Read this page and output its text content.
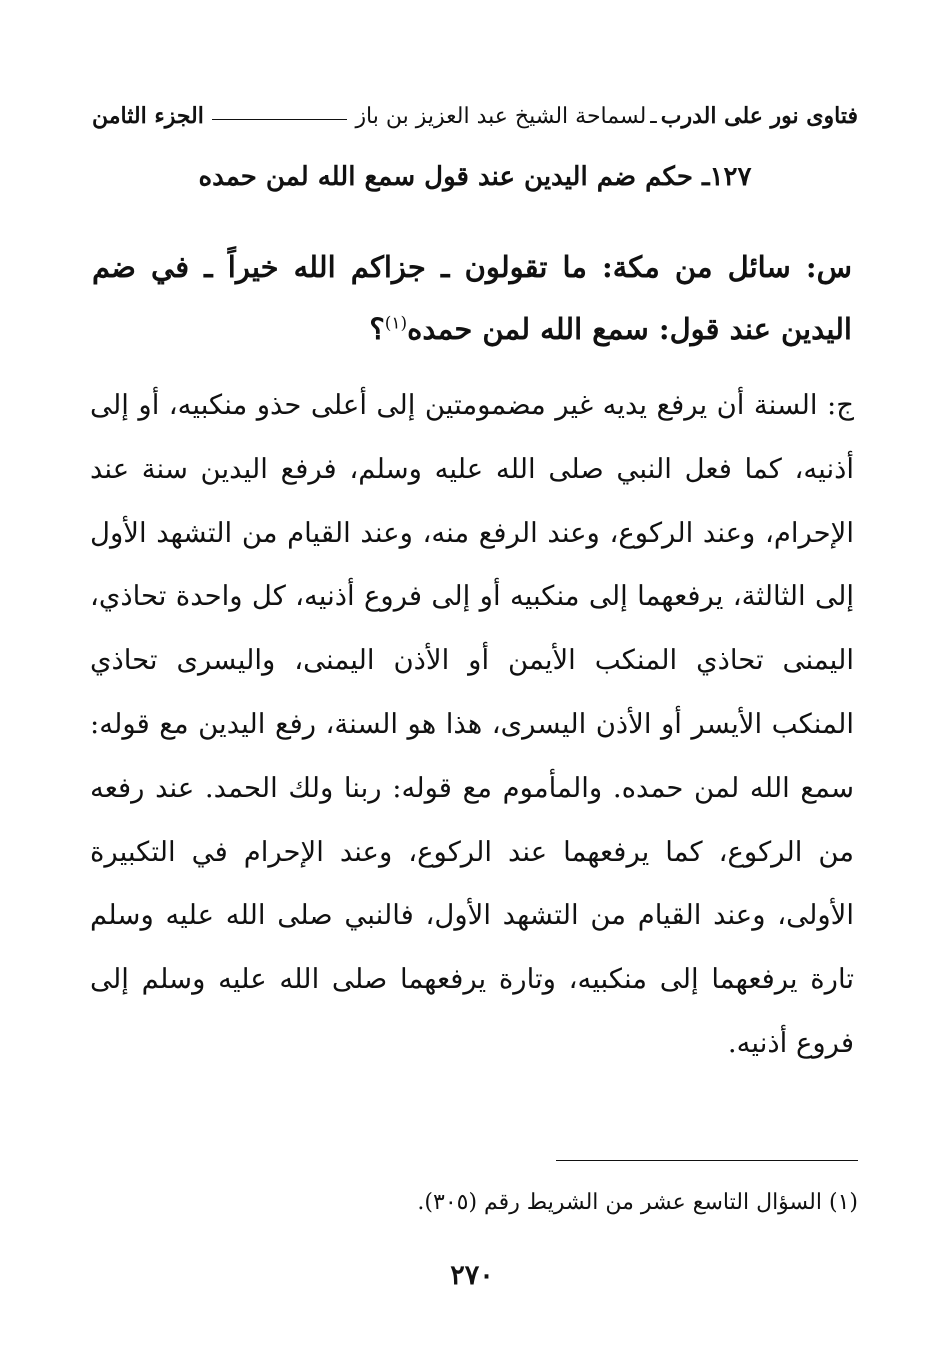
فتاوى نور على الدرب
ـ
لسماحة الشيخ عبد العزيز بن باز
الجزء الثامن
١٢٧ـ حكم ضم اليدين عند قول سمع الله لمن حمده
س: سائل من مكة: ما تقولون ـ جزاكم الله خيراً ـ في ضم اليدين عند قول: سمع الله لمن حمده$^{(١)}$؟
ج: السنة أن يرفع يديه غير مضمومتين إلى أعلى حذو منكبيه، أو إلى أذنيه، كما فعل النبي صلى الله عليه وسلم، فرفع اليدين سنة عند الإحرام، وعند الركوع، وعند الرفع منه، وعند القيام من التشهد الأول إلى الثالثة، يرفعهما إلى منكبيه أو إلى فروع أذنيه، كل واحدة تحاذي، اليمنى تحاذي المنكب الأيمن أو الأذن اليمنى، واليسرى تحاذي المنكب الأيسر أو الأذن اليسرى، هذا هو السنة، رفع اليدين مع قوله: سمع الله لمن حمده. والمأموم مع قوله: ربنا ولك الحمد. عند رفعه من الركوع، كما يرفعهما عند الركوع، وعند الإحرام في التكبيرة الأولى، وعند القيام من التشهد الأول، فالنبي صلى الله عليه وسلم تارة يرفعهما إلى منكبيه، وتارة يرفعهما صلى الله عليه وسلم إلى فروع أذنيه.
(١) السؤال التاسع عشر من الشريط رقم (٣٠٥).
٢٧٠
